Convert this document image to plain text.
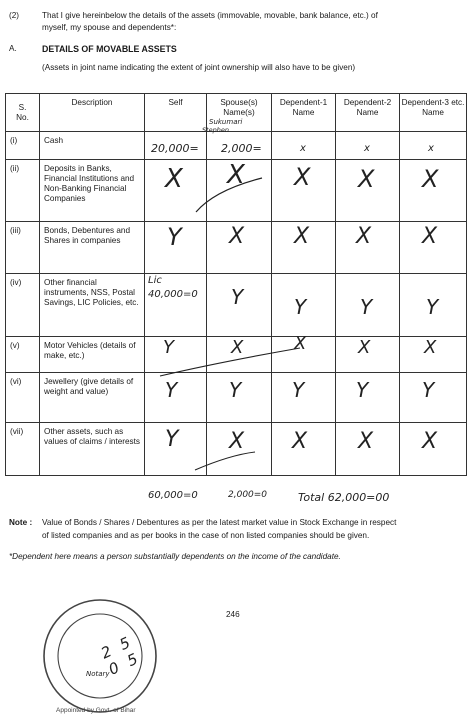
(2)	That I give hereinbelow the details of the assets (immovable, movable, bank balance, etc.) of
myself, my spouse and dependents*:
A.	DETAILS OF MOVABLE ASSETS
(Assets in joint name indicating the extent of joint ownership will also have to be given)
S. No.	Description	Self	Spouse(s) Name(s)	Dependent-1 Name	Dependent-2 Name	Dependent-3 etc. Name
(i)	Cash	20,000=	2,000=	x	x	x

(ii)	Deposits in Banks, Financial Institutions and Non-Banking Financial Companies	X	X	X	X	X

(iii)	Bonds, Debentures and Shares in companies	Y	X	X	X	X

(iv)	Other financial instruments, NSS, Postal Savings, LIC Policies, etc.	Lic
40,000=0	Y	Y	Y	Y

(v)	Motor Vehicles (details of make, etc.)	Y	X	X	X	X

(vi)	Jewellery (give details of weight and value)	Y	Y	Y	Y	Y

(vii)	Other assets, such as values of claims / interests	Y	X	X	X	X
Sukumari
Stephen
60,000=0	2,000=0	Total 62,000=00
Note : Value of Bonds / Shares / Debentures as per the latest market value in Stock Exchange in respect
of listed companies and as per books in the case of non listed companies should be given.
*Dependent here means a person substantially dependents on the income of the candidate.
246
Notary
2 5 0 5
Appointed by Govt. of Bihar
